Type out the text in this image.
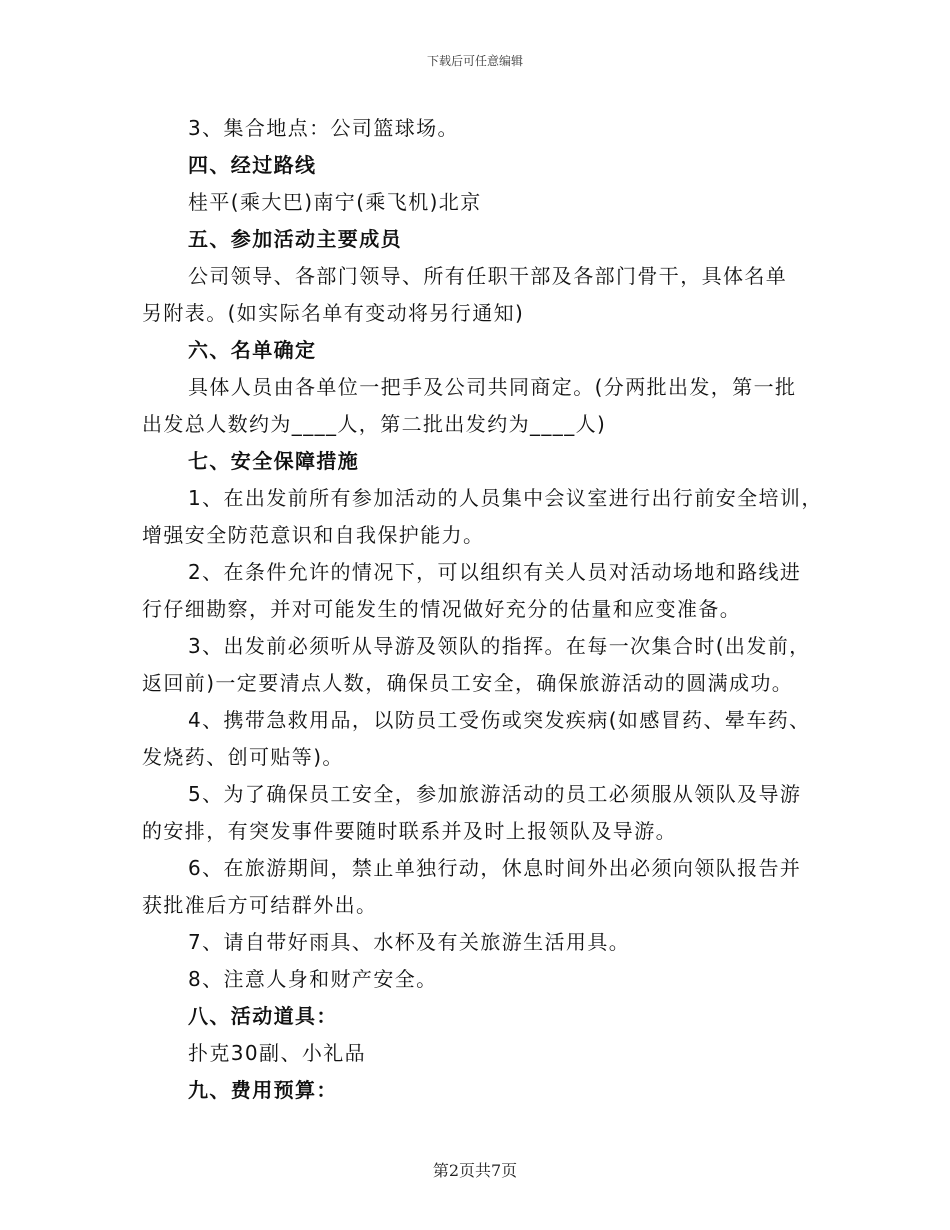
下载后可任意编辑
3、集合地点：公司篮球场。
四、经过路线
桂平(乘大巴)南宁(乘飞机)北京
五、参加活动主要成员
公司领导、各部门领导、所有任职干部及各部门骨干，具体名单
另附表。(如实际名单有变动将另行通知)
六、名单确定
具体人员由各单位一把手及公司共同商定。(分两批出发，第一批
出发总人数约为____人，第二批出发约为____人)
七、安全保障措施
1、在出发前所有参加活动的人员集中会议室进行出行前安全培训，
增强安全防范意识和自我保护能力。
2、在条件允许的情况下，可以组织有关人员对活动场地和路线进
行仔细勘察，并对可能发生的情况做好充分的估量和应变准备。
3、出发前必须听从导游及领队的指挥。在每一次集合时(出发前，
返回前)一定要清点人数，确保员工安全，确保旅游活动的圆满成功。
4、携带急救用品，以防员工受伤或突发疾病(如感冒药、晕车药、
发烧药、创可贴等)。
5、为了确保员工安全，参加旅游活动的员工必须服从领队及导游
的安排，有突发事件要随时联系并及时上报领队及导游。
6、在旅游期间，禁止单独行动，休息时间外出必须向领队报告并
获批准后方可结群外出。
7、请自带好雨具、水杯及有关旅游生活用具。
8、注意人身和财产安全。
八、活动道具：
扑克30副、小礼品
九、费用预算：
第2页共7页
